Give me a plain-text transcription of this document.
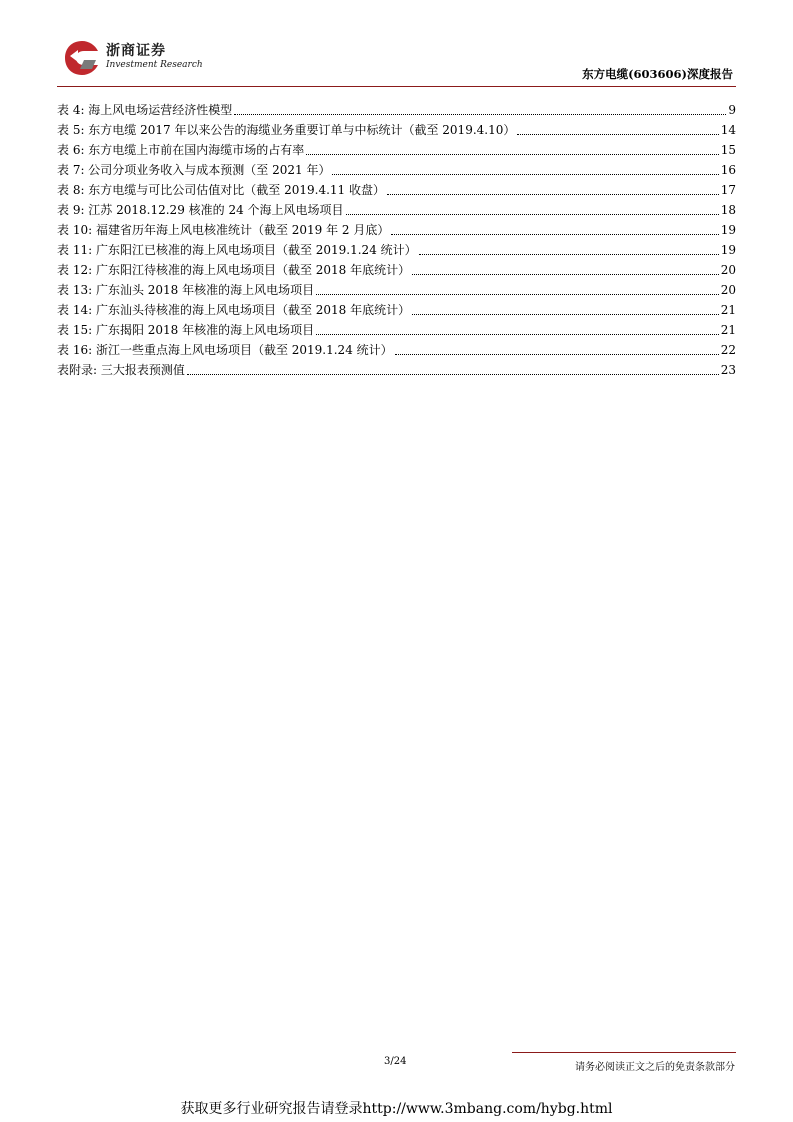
浙商证券
Investment Research
东方电缆(603606)深度报告
表 4: 海上风电场运营经济性模型	9
表 5: 东方电缆 2017 年以来公告的海缆业务重要订单与中标统计（截至 2019.4.10）	14
表 6: 东方电缆上市前在国内海缆市场的占有率	15
表 7: 公司分项业务收入与成本预测（至 2021 年）	16
表 8: 东方电缆与可比公司估值对比（截至 2019.4.11 收盘）	17
表 9: 江苏 2018.12.29 核准的 24 个海上风电场项目	18
表 10: 福建省历年海上风电核准统计（截至 2019 年 2 月底）	19
表 11: 广东阳江已核准的海上风电场项目（截至 2019.1.24 统计）	19
表 12: 广东阳江待核准的海上风电场项目（截至 2018 年底统计）	20
表 13: 广东汕头 2018 年核准的海上风电场项目	20
表 14: 广东汕头待核准的海上风电场项目（截至 2018 年底统计）	21
表 15: 广东揭阳 2018 年核准的海上风电场项目	21
表 16: 浙江一些重点海上风电场项目（截至 2019.1.24 统计）	22
表附录: 三大报表预测值	23
3/24
请务必阅读正文之后的免责条款部分
获取更多行业研究报告请登录http://www.3mbang.com/hybg.html
